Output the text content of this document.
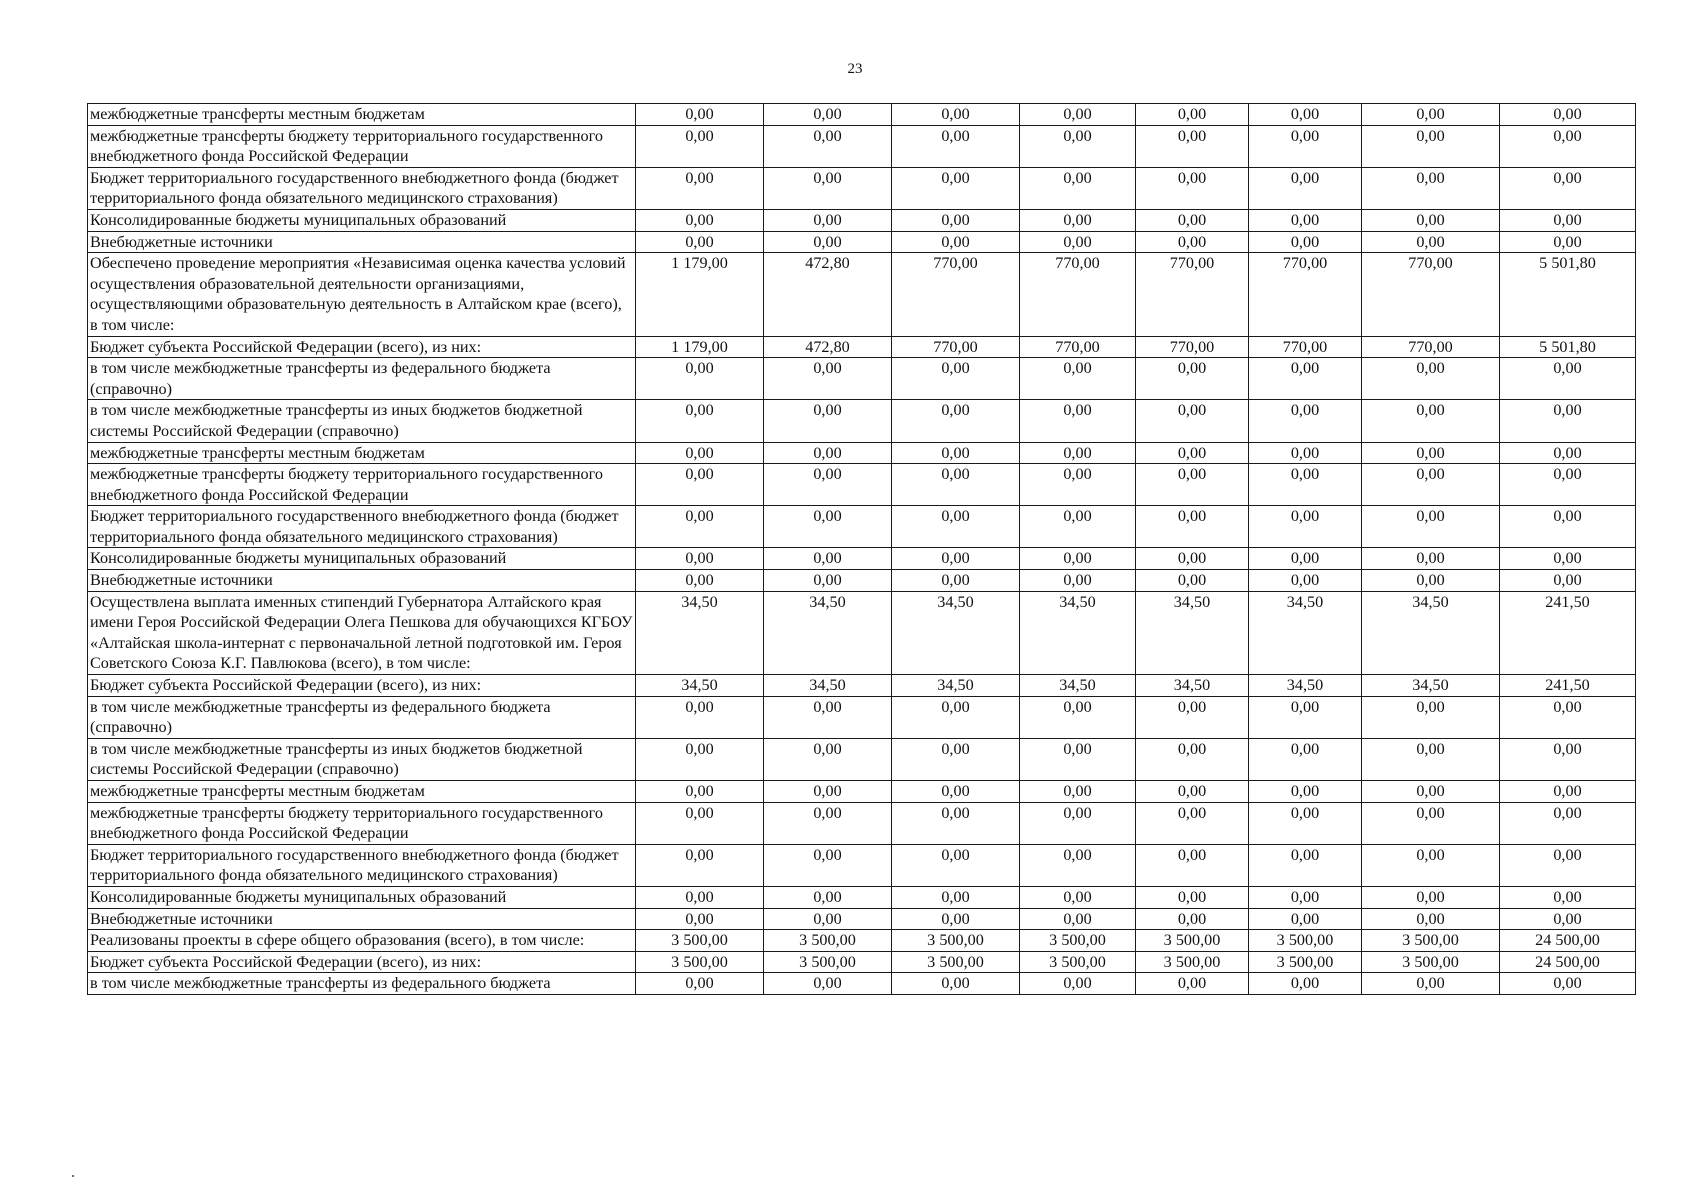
23
межбюджетные трансферты местным бюджетам	0,00	0,00	0,00	0,00	0,00	0,00	0,00	0,00
межбюджетные трансферты бюджету территориального государственного внебюджетного фонда Российской Федерации	0,00	0,00	0,00	0,00	0,00	0,00	0,00	0,00
Бюджет территориального государственного внебюджетного фонда (бюджет территориального фонда обязательного медицинского страхования)	0,00	0,00	0,00	0,00	0,00	0,00	0,00	0,00
Консолидированные бюджеты муниципальных образований	0,00	0,00	0,00	0,00	0,00	0,00	0,00	0,00
Внебюджетные источники	0,00	0,00	0,00	0,00	0,00	0,00	0,00	0,00
Обеспечено проведение мероприятия «Независимая оценка качества условий осуществления образовательной деятельности организациями, осуществляющими образовательную деятельность в Алтайском крае (всего), в том числе:	1 179,00	472,80	770,00	770,00	770,00	770,00	770,00	5 501,80
Бюджет субъекта Российской Федерации (всего), из них:	1 179,00	472,80	770,00	770,00	770,00	770,00	770,00	5 501,80
в том числе межбюджетные трансферты из федерального бюджета (справочно)	0,00	0,00	0,00	0,00	0,00	0,00	0,00	0,00
в том числе межбюджетные трансферты из иных бюджетов бюджетной системы Российской Федерации (справочно)	0,00	0,00	0,00	0,00	0,00	0,00	0,00	0,00
межбюджетные трансферты местным бюджетам	0,00	0,00	0,00	0,00	0,00	0,00	0,00	0,00
межбюджетные трансферты бюджету территориального государственного внебюджетного фонда Российской Федерации	0,00	0,00	0,00	0,00	0,00	0,00	0,00	0,00
Бюджет территориального государственного внебюджетного фонда (бюджет территориального фонда обязательного медицинского страхования)	0,00	0,00	0,00	0,00	0,00	0,00	0,00	0,00
Консолидированные бюджеты муниципальных образований	0,00	0,00	0,00	0,00	0,00	0,00	0,00	0,00
Внебюджетные источники	0,00	0,00	0,00	0,00	0,00	0,00	0,00	0,00
Осуществлена выплата именных стипендий Губернатора Алтайского края имени Героя Российской Федерации Олега Пешкова для обучающихся КГБОУ «Алтайская школа-интернат с первоначальной летной подготовкой им. Героя Советского Союза К.Г. Павлюкова (всего), в том числе:	34,50	34,50	34,50	34,50	34,50	34,50	34,50	241,50
Бюджет субъекта Российской Федерации (всего), из них:	34,50	34,50	34,50	34,50	34,50	34,50	34,50	241,50
в том числе межбюджетные трансферты из федерального бюджета (справочно)	0,00	0,00	0,00	0,00	0,00	0,00	0,00	0,00
в том числе межбюджетные трансферты из иных бюджетов бюджетной системы Российской Федерации (справочно)	0,00	0,00	0,00	0,00	0,00	0,00	0,00	0,00
межбюджетные трансферты местным бюджетам	0,00	0,00	0,00	0,00	0,00	0,00	0,00	0,00
межбюджетные трансферты бюджету территориального государственного внебюджетного фонда Российской Федерации	0,00	0,00	0,00	0,00	0,00	0,00	0,00	0,00
Бюджет территориального государственного внебюджетного фонда (бюджет территориального фонда обязательного медицинского страхования)	0,00	0,00	0,00	0,00	0,00	0,00	0,00	0,00
Консолидированные бюджеты муниципальных образований	0,00	0,00	0,00	0,00	0,00	0,00	0,00	0,00
Внебюджетные источники	0,00	0,00	0,00	0,00	0,00	0,00	0,00	0,00
Реализованы проекты в сфере общего образования (всего), в том числе:	3 500,00	3 500,00	3 500,00	3 500,00	3 500,00	3 500,00	3 500,00	24 500,00
Бюджет субъекта Российской Федерации (всего), из них:	3 500,00	3 500,00	3 500,00	3 500,00	3 500,00	3 500,00	3 500,00	24 500,00
в том числе межбюджетные трансферты из федерального бюджета	0,00	0,00	0,00	0,00	0,00	0,00	0,00	0,00
